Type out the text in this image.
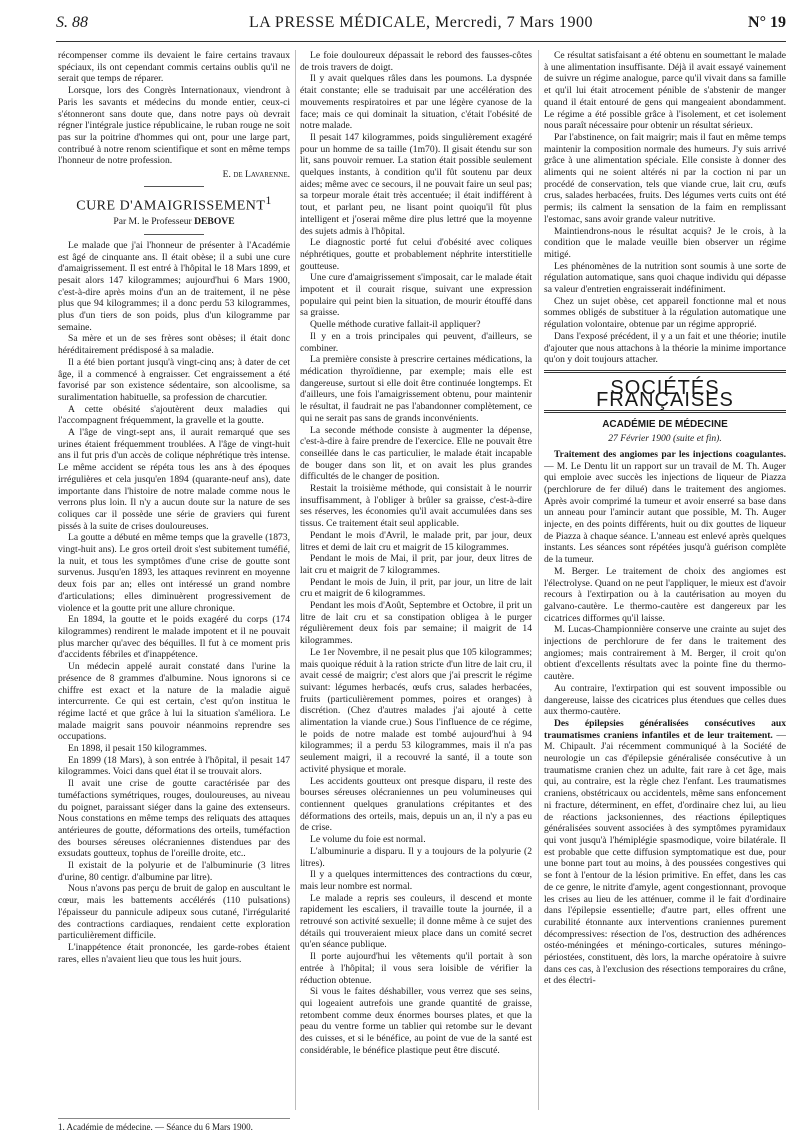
S. 88	LA PRESSE MÉDICALE, Mercredi, 7 Mars 1900	N° 19

récompenser comme ils devaient le faire certains travaux spéciaux, ils ont cependant commis certains oublis qu'il ne serait que temps de réparer.

Lorsque, lors des Congrès Internationaux, viendront à Paris les savants et médecins du monde entier, ceux-ci s'étonneront sans doute que, dans notre pays où devrait régner l'intégrale justice républicaine, le ruban rouge ne soit pas sur la poitrine d'hommes qui ont, pour une large part, contribué à notre renom scientifique et sont en même temps l'honneur de notre profession.

E. de Lavarenne.
CURE D'AMAIGRISSEMENT$^1$
Par M. le Professeur DEBOVE

Le malade que j'ai l'honneur de présenter à l'Académie est âgé de cinquante ans. Il était obèse; il a subi une cure d'amaigrissement. Il est entré à l'hôpital le 18 Mars 1899, et pesait alors 147 kilogrammes; aujourd'hui 6 Mars 1900, c'est-à-dire après moins d'un an de traitement, il ne pèse plus que 94 kilogrammes; il a donc perdu 53 kilogrammes, plus d'un tiers de son poids, plus d'un kilogramme par semaine.

Sa mère et un de ses frères sont obèses; il était donc héréditairement prédisposé à sa maladie.

Il a été bien portant jusqu'à vingt-cinq ans; à dater de cet âge, il a commencé à engraisser. Cet engraissement a été favorisé par son existence sédentaire, son alcoolisme, sa suralimentation habituelle, sa profession de charcutier.

A cette obésité s'ajoutèrent deux maladies qui l'accompagnent fréquemment, la gravelle et la goutte.

A l'âge de vingt-sept ans, il aurait remarqué que ses urines étaient fréquemment troublées. A l'âge de vingt-huit ans il fut pris d'un accès de colique néphrétique très intense. Le même accident se répéta tous les ans à des époques irrégulières et cela jusqu'en 1894 (quarante-neuf ans), date importante dans l'histoire de notre malade comme nous le verrons plus loin. Il n'y a aucun doute sur la nature de ses coliques car il possède une série de graviers qui furent pissés à la suite de crises douloureuses.

La goutte a débuté en même temps que la gravelle (1873, vingt-huit ans). Le gros orteil droit s'est subitement tuméfié, la nuit, et tous les symptômes d'une crise de goutte sont survenus. Jusqu'en 1893, les attaques revinrent en moyenne deux fois par an; elles ont intéressé un grand nombre d'articulations; elles diminuèrent progressivement de violence et la goutte prit une allure chronique.

En 1894, la goutte et le poids exagéré du corps (174 kilogrammes) rendirent le malade impotent et il ne pouvait plus marcher qu'avec des béquilles. Il fut à ce moment pris d'accidents fébriles et d'inappétence.

Un médecin appelé aurait constaté dans l'urine la présence de 8 grammes d'albumine. Nous ignorons si ce chiffre est exact et la nature de la maladie aiguë intercurrente. Ce qui est certain, c'est qu'on institua le régime lacté et que grâce à lui la situation s'améliora. Le malade maigrit sans pouvoir néanmoins reprendre ses occupations.

En 1898, il pesait 150 kilogrammes.

En 1899 (18 Mars), à son entrée à l'hôpital, il pesait 147 kilogrammes. Voici dans quel état il se trouvait alors.

Il avait une crise de goutte caractérisée par des tuméfactions symétriques, rouges, douloureuses, au niveau du poignet, paraissant siéger dans la gaine des extenseurs. Nous constations en même temps des reliquats des attaques antérieures de goutte, déformations des orteils, tuméfaction des bourses séreuses olécraniennes distendues par des exsudats goutteux, tophus de l'oreille droite, etc..

Il existait de la polyurie et de l'albuminurie (3 litres d'urine, 80 centigr. d'albumine par litre).

Nous n'avons pas perçu de bruit de galop en auscultant le cœur, mais les battements accélérés (110 pulsations) l'épaisseur du pannicule adipeux sous cutané, l'irrégularité des contractions cardiaques, rendaient cette exploration particulièrement difficile.

L'inappétence était prononcée, les garde-robes étaient rares, elles n'avaient lieu que tous les huit jours.

1. Académie de médecine. — Séance du 6 Mars 1900.

Le foie douloureux dépassait le rebord des fausses-côtes de trois travers de doigt.

Il y avait quelques râles dans les poumons. La dyspnée était constante; elle se traduisait par une accélération des mouvements respiratoires et par une légère cyanose de la face; mais ce qui dominait la situation, c'était l'obésité de notre malade.

Il pesait 147 kilogrammes, poids singulièrement exagéré pour un homme de sa taille (1m70). Il gisait étendu sur son lit, sans pouvoir remuer. La station était possible seulement quelques instants, à condition qu'il fût soutenu par deux aides; même avec ce secours, il ne pouvait faire un seul pas; sa torpeur morale était très accentuée; il était indifférent à tout, et parlant peu, ne lisant point quoiqu'il fût plus intelligent et j'oserai même dire plus lettré que la moyenne des sujets admis à l'hôpital.

Le diagnostic porté fut celui d'obésité avec coliques néphrétiques, goutte et probablement néphrite interstitielle goutteuse.

Une cure d'amaigrissement s'imposait, car le malade était impotent et il courait risque, suivant une expression populaire qui peint bien la situation, de mourir étouffé dans sa graisse.

Quelle méthode curative fallait-il appliquer?

Il y en a trois principales qui peuvent, d'ailleurs, se combiner.

La première consiste à prescrire certaines médications, la médication thyroïdienne, par exemple; mais elle est dangereuse, surtout si elle doit être continuée longtemps. Et d'ailleurs, une fois l'amaigrissement obtenu, pour maintenir le résultat, il faudrait ne pas l'abandonner complètement, ce qui ne serait pas sans de grands inconvénients.

La seconde méthode consiste à augmenter la dépense, c'est-à-dire à faire prendre de l'exercice. Elle ne pouvait être conseillée dans le cas particulier, le malade était incapable de bouger dans son lit, et on avait les plus grandes difficultés de le changer de position.

Restait la troisième méthode, qui consistait à le nourrir insuffisamment, à l'obliger à brûler sa graisse, c'est-à-dire ses réserves, les économies qu'il avait accumulées dans ses tissus. Ce traitement était seul applicable.

Pendant le mois d'Avril, le malade prit, par jour, deux litres et demi de lait cru et maigrit de 15 kilogrammes.

Pendant le mois de Mai, il prit, par jour, deux litres de lait cru et maigrit de 7 kilogrammes.

Pendant le mois de Juin, il prit, par jour, un litre de lait cru et maigrit de 6 kilogrammes.

Pendant les mois d'Août, Septembre et Octobre, il prit un litre de lait cru et sa constipation obligea à le purger régulièrement deux fois par semaine; il maigrit de 14 kilogrammes.

Le 1er Novembre, il ne pesait plus que 105 kilogrammes; mais quoique réduit à la ration stricte d'un litre de lait cru, il avait cessé de maigrir; c'est alors que j'ai prescrit le régime suivant: légumes herbacés, œufs crus, salades herbacées, fruits (particulièrement pommes, poires et oranges) à discrétion. (Chez d'autres malades j'ai ajouté à cette alimentation la viande crue.) Sous l'influence de ce régime, le poids de notre malade est tombé aujourd'hui à 94 kilogrammes; il a perdu 53 kilogrammes, mais il n'a pas seulement maigri, il a recouvré la santé, il a toute son activité physique et morale.

Les accidents goutteux ont presque disparu, il reste des bourses séreuses olécraniennes un peu volumineuses qui contiennent quelques granulations crépitantes et des déformations des orteils, mais, depuis un an, il n'y a pas eu de crise.

Le volume du foie est normal.

L'albuminurie a disparu. Il y a toujours de la polyurie (2 litres).

Il y a quelques intermittences des contractions du cœur, mais leur nombre est normal.

Le malade a repris ses couleurs, il descend et monte rapidement les escaliers, il travaille toute la journée, il a retrouvé son activité sexuelle; il donne même à ce sujet des détails qui trouveraient mieux place dans un comité secret qu'en séance publique.

Il porte aujourd'hui les vêtements qu'il portait à son entrée à l'hôpital; il vous sera loisible de vérifier la réduction obtenue.

Si vous le faites déshabiller, vous verrez que ses seins, qui logeaient autrefois une grande quantité de graisse, retombent comme deux énormes bourses plates, et que la peau du ventre forme un tablier qui retombe sur le devant des cuisses, et si le bénéfice, au point de vue de la santé est considérable, le bénéfice plastique peut être discuté.

Ce résultat satisfaisant a été obtenu en soumettant le malade à une alimentation insuffisante. Déjà il avait essayé vainement de suivre un régime analogue, parce qu'il vivait dans sa famille et qu'il lui était atrocement pénible de s'abstenir de manger quand il était entouré de gens qui mangeaient abondamment. Le régime a été possible grâce à l'isolement, et cet isolement nous paraît nécessaire pour obtenir un résultat sérieux.

Par l'abstinence, on fait maigrir; mais il faut en même temps maintenir la composition normale des humeurs. J'y suis arrivé grâce à une alimentation spéciale. Elle consiste à donner des aliments qui ne soient altérés ni par la coction ni par un procédé de conservation, tels que viande crue, lait cru, œufs crus, salades herbacées, fruits. Des légumes verts cuits ont été permis; ils calment la sensation de la faim en remplissant l'estomac, sans avoir grande valeur nutritive.

Maintiendrons-nous le résultat acquis? Je le crois, à la condition que le malade veuille bien observer un régime mitigé.

Les phénomènes de la nutrition sont soumis à une sorte de régulation automatique, sans quoi chaque individu qui dépasse sa valeur d'entretien engraisserait indéfiniment.

Chez un sujet obèse, cet appareil fonctionne mal et nous sommes obligés de substituer à la régulation automatique une régulation volontaire, obtenue par un régime approprié.

Dans l'exposé précédent, il y a un fait et une théorie; inutile d'ajouter que nous attachons à la théorie la minime importance qu'on y doit toujours attacher.

SOCIÉTÉS FRANÇAISES
ACADÉMIE DE MÉDECINE
27 Février 1900 (suite et fin).

Traitement des angiomes par les injections coagulantes. — M. Le Dentu lit un rapport sur un travail de M. Th. Auger qui emploie avec succès les injections de liqueur de Piazza (perchlorure de fer dilué) dans le traitement des angiomes. Après avoir comprimé la tumeur et avoir enserré sa base dans un anneau pour l'amincir autant que possible, M. Th. Auger injecte, en des points différents, huit ou dix gouttes de liqueur de Piazza à chaque séance. L'anneau est enlevé après quelques instants. Les séances sont répétées jusqu'à guérison complète de la tumeur.

M. Berger. Le traitement de choix des angiomes est l'électrolyse. Quand on ne peut l'appliquer, le mieux est d'avoir recours à l'extirpation ou à la cautérisation au moyen du galvano-cautère. Le thermo-cautère est dangereux par les cicatrices difformes qu'il laisse.

M. Lucas-Championnière conserve une crainte au sujet des injections de perchlorure de fer dans le traitement des angiomes; mais contrairement à M. Berger, il croit qu'on obtient d'excellents résultats avec la pointe fine du thermo-cautère.

Au contraire, l'extirpation qui est souvent impossible ou dangereuse, laisse des cicatrices plus étendues que celles dues aux thermo-cautère.

Des épilepsies généralisées consécutives aux traumatismes craniens infantiles et de leur traitement. — M. Chipault. J'ai récemment communiqué à la Société de neurologie un cas d'épilepsie généralisée consécutive à un traumatisme cranien chez un adulte, fait rare à cet âge, mais qui, au contraire, est la règle chez l'enfant. Les traumatismes craniens, obstétricaux ou accidentels, même sans enfoncement ni fracture, déterminent, en effet, d'ordinaire chez lui, au lieu de réactions jacksoniennes, des réactions épileptiques généralisées souvent associées à des symptômes pyramidaux qui vont jusqu'à l'hémiplégie spasmodique, voire bilatérale. Il est probable que cette diffusion symptomatique est due, pour une bonne part tout au moins, à des poussées congestives qui se font à l'entour de la lésion primitive. En effet, dans les cas de ce genre, le nitrite d'amyle, agent congestionnant, provoque les crises au lieu de les atténuer, comme il le fait d'ordinaire dans l'épilepsie essentielle; d'autre part, elles offrent une curabilité étonnante aux interventions craniennes purement décompressives: résection de l'os, destruction des adhérences ostéo-méningées et méningo-corticales, sutures méningo-périostées, constituent, dès lors, la marche opératoire à suivre dans ces cas, à l'exclusion des résections temporaires du crâne, et des électri-
